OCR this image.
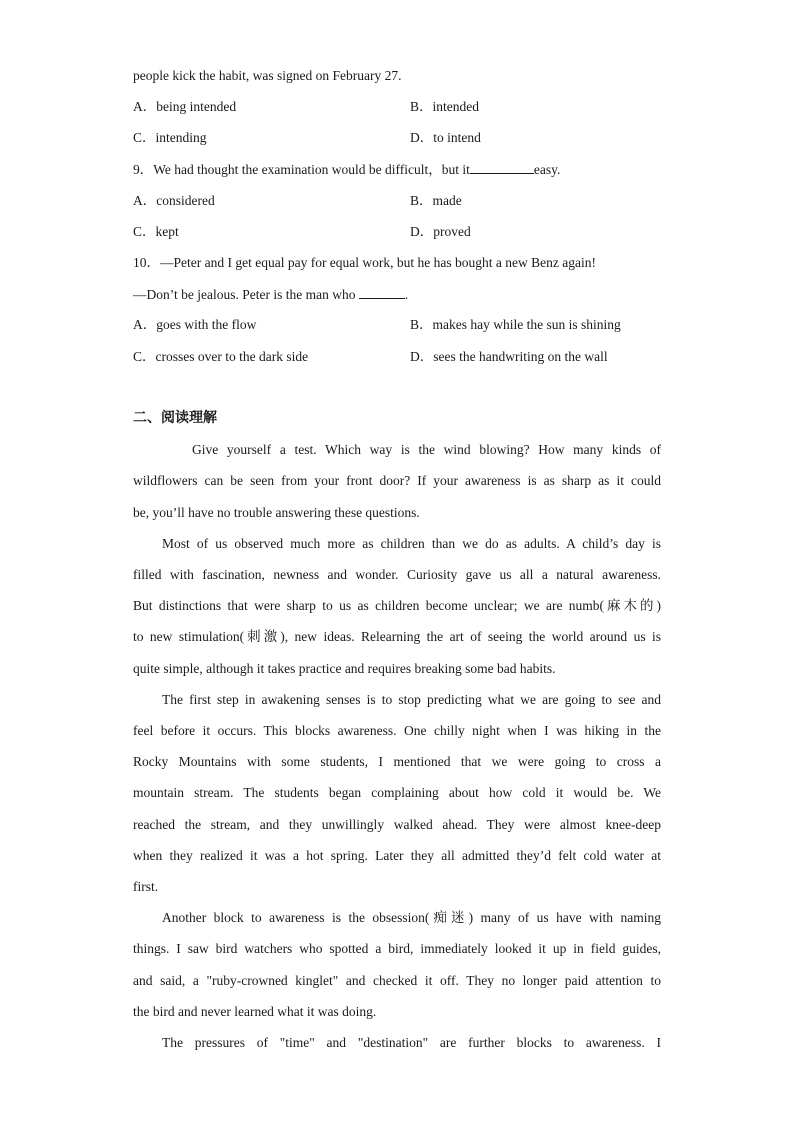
people kick the habit, was signed on February 27.
A．being intended	B．intended
C．intending	D．to intend
9．We had thought the examination would be difficult，but it	easy.
A．considered	B．made
C．kept	D．proved
10．—Peter and I get equal pay for equal work, but he has bought a new Benz again!
—Don’t be jealous. Peter is the man who	.
A．goes with the flow	B．makes hay while the sun is shining
C．crosses over to the dark side	D．sees the handwriting on the wall
二、阅读理解
Give yourself a test. Which way is the wind blowing? How many kinds of
wildflowers can be seen from your front door? If your awareness is as sharp as it could
be, you’ll have no trouble answering these questions.
Most of us observed much more as children than we do as adults. A child’s day is
filled with fascination, newness and wonder. Curiosity gave us all a natural awareness.
But distinctions that were sharp to us as children become unclear; we are numb(麻木的)
to new stimulation(刺激), new ideas. Relearning the art of seeing the world around us is
quite simple, although it takes practice and requires breaking some bad habits.
The first step in awakening senses is to stop predicting what we are going to see and
feel before it occurs. This blocks awareness. One chilly night when I was hiking in the
Rocky Mountains with some students, I mentioned that we were going to cross a
mountain stream. The students began complaining about how cold it would be. We
reached the stream, and they unwillingly walked ahead. They were almost knee-deep
when they realized it was a hot spring. Later they all admitted they’d felt cold water at
first.
Another block to awareness is the obsession(痴迷) many of us have with naming
things. I saw bird watchers who spotted a bird, immediately looked it up in field guides,
and said, a "ruby-crowned kinglet" and checked it off. They no longer paid attention to
the bird and never learned what it was doing.
The pressures of "time" and "destination" are further blocks to awareness. I
